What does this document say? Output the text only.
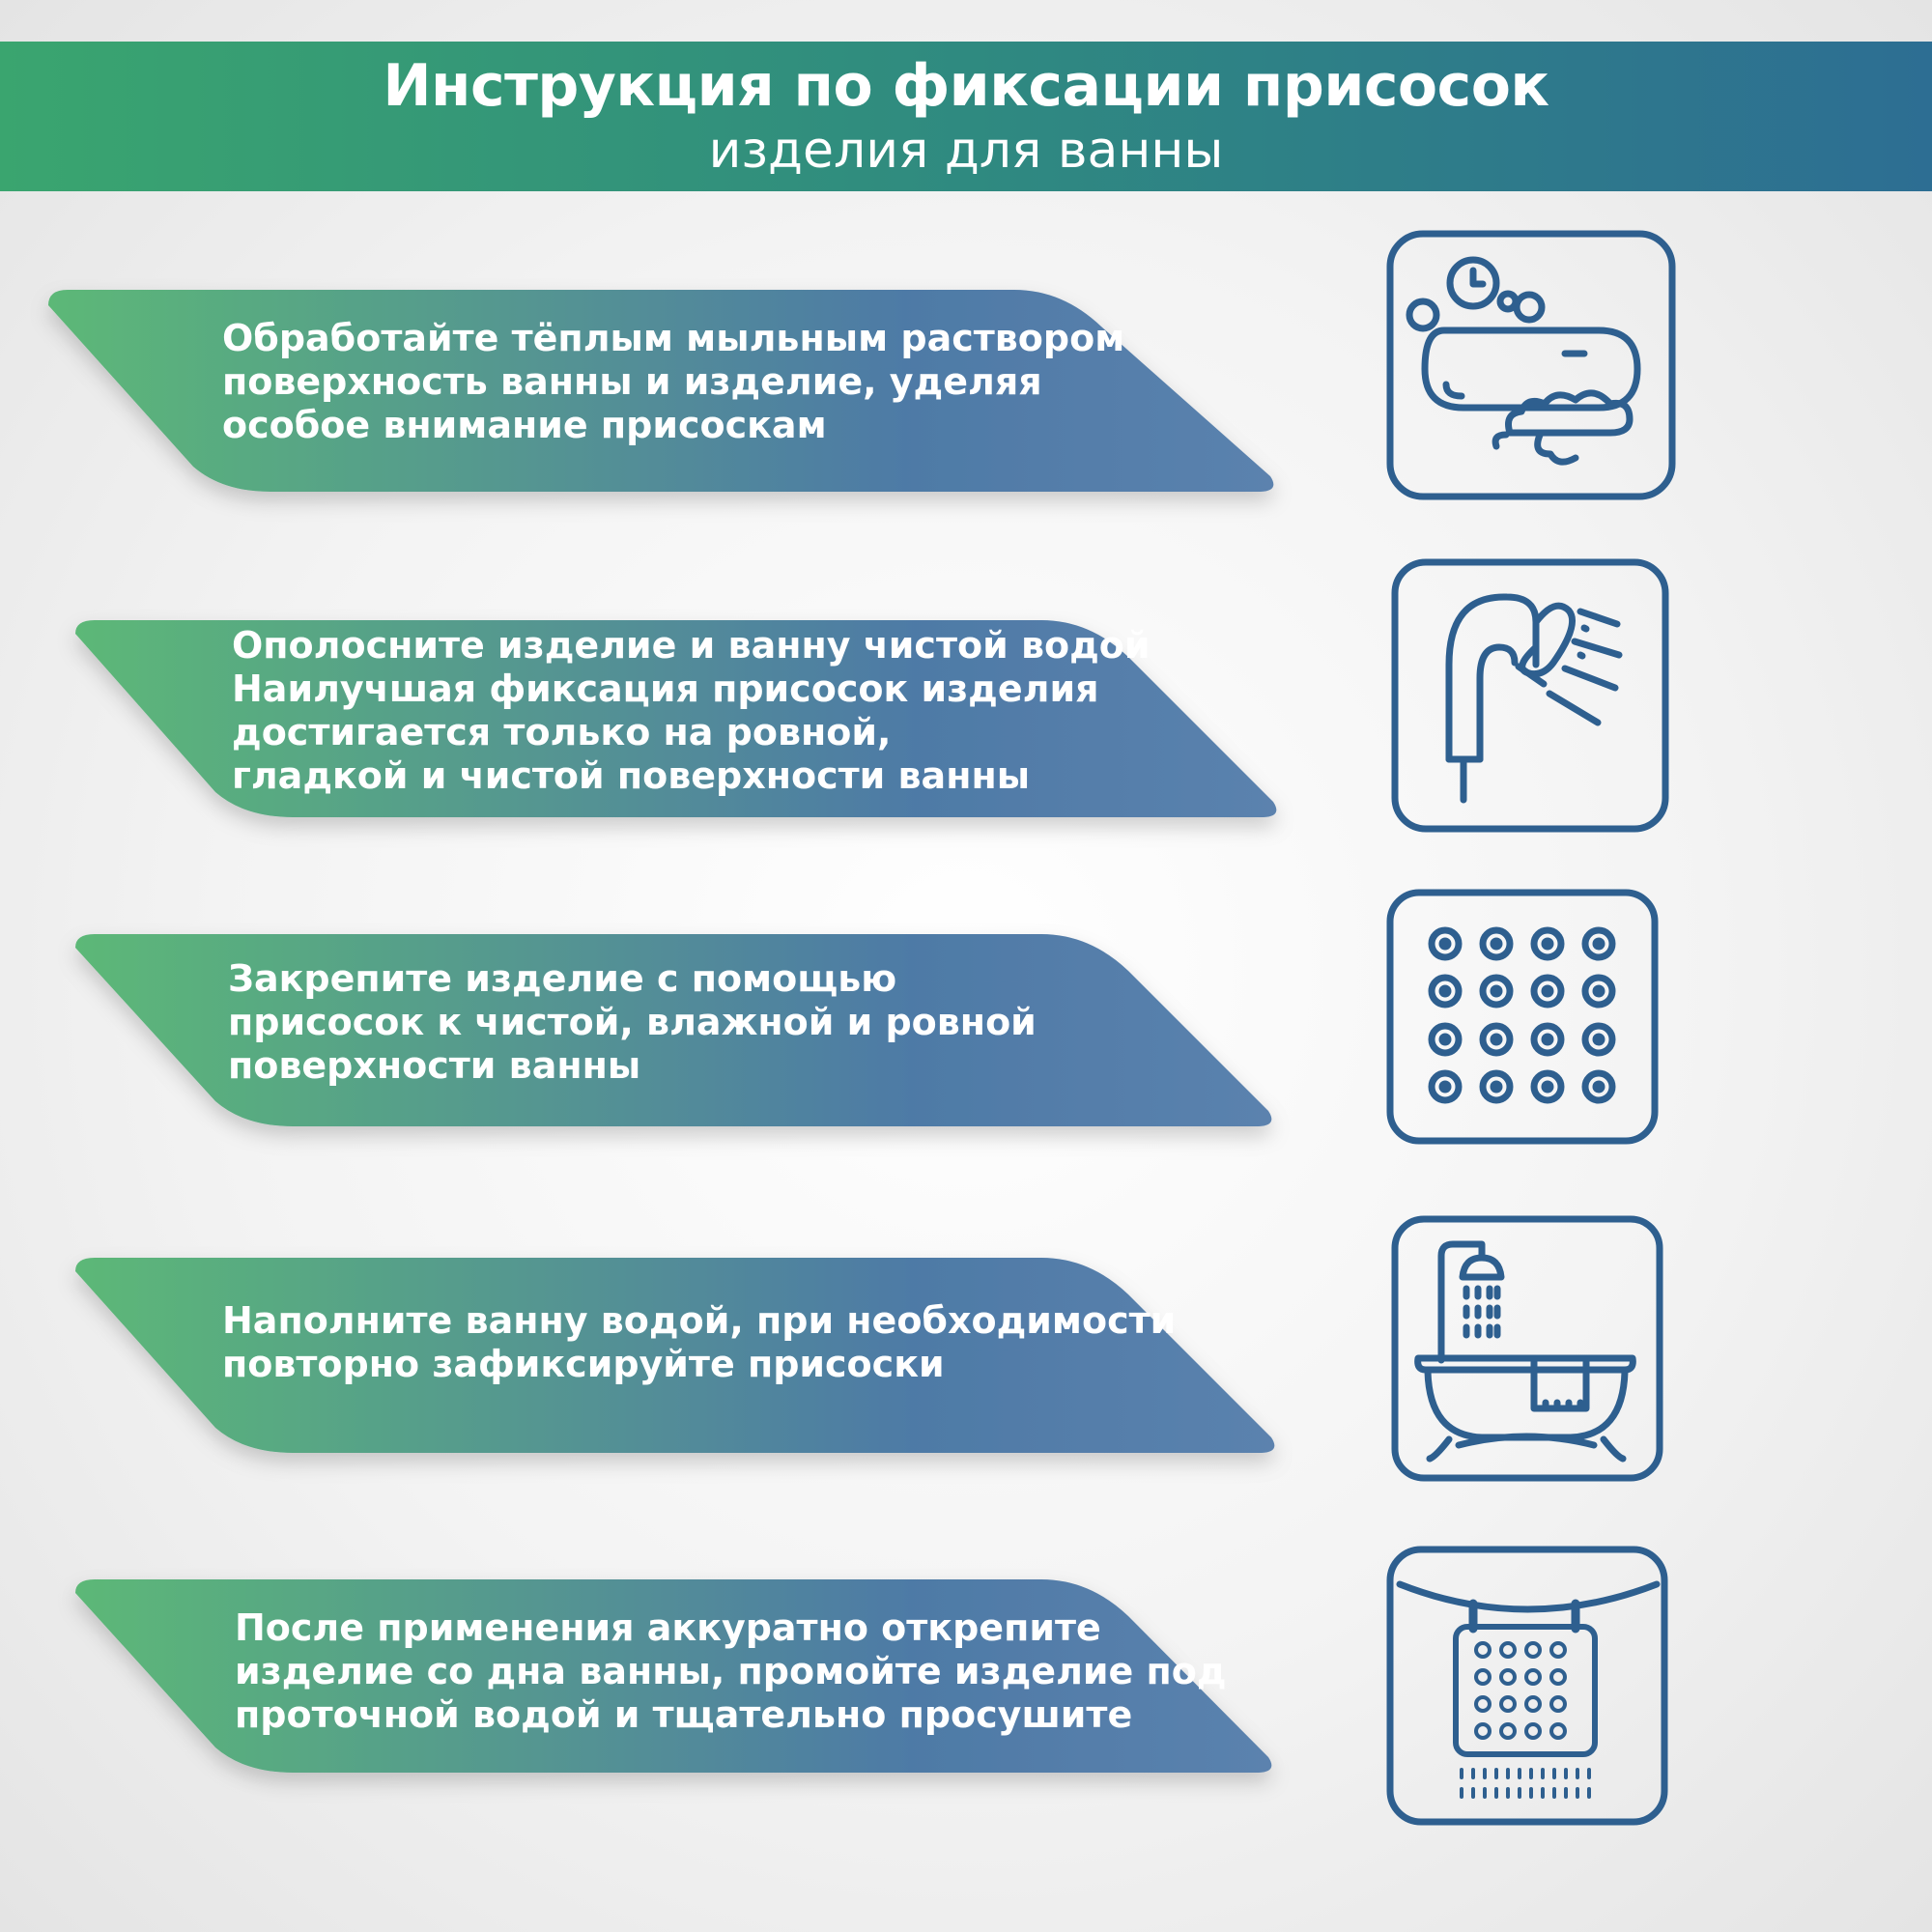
Инструкция по фиксации присосок
изделия для ванны
Обработайте тёплым мыльным раствором
поверхность ванны и изделие, уделяя
особое внимание присоскам
Ополосните изделие и ванну чистой водой
Наилучшая фиксация присосок изделия
достигается только на ровной,
гладкой и чистой поверхности ванны
Закрепите изделие с помощью
присосок к чистой, влажной и ровной
поверхности ванны
Наполните ванну водой, при необходимости
повторно зафиксируйте присоски
После применения аккуратно открепите
изделие со дна ванны, промойте изделие под
проточной водой и тщательно просушите
